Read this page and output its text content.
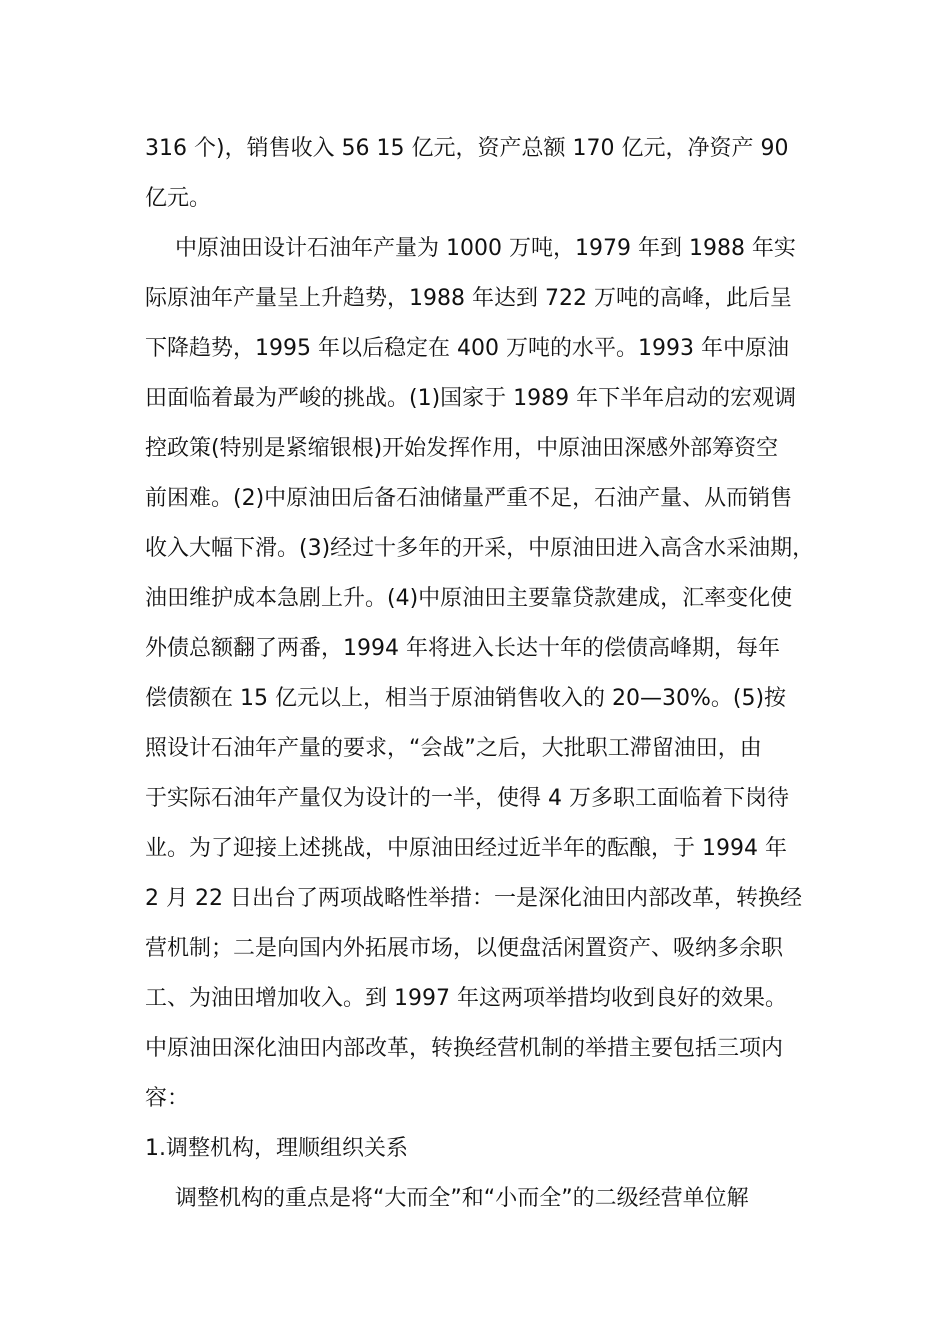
316 个)，销售收入 56 15 亿元，资产总额 170 亿元，净资产 90
亿元。
中原油田设计石油年产量为 1000 万吨，1979 年到 1988 年实
际原油年产量呈上升趋势，1988 年达到 722 万吨的高峰，此后呈
下降趋势，1995 年以后稳定在 400 万吨的水平。1993 年中原油
田面临着最为严峻的挑战。(1)国家于 1989 年下半年启动的宏观调
控政策(特别是紧缩银根)开始发挥作用，中原油田深感外部筹资空
前困难。(2)中原油田后备石油储量严重不足，石油产量、从而销售
收入大幅下滑。(3)经过十多年的开采，中原油田进入高含水采油期，
油田维护成本急剧上升。(4)中原油田主要靠贷款建成，汇率变化使
外债总额翻了两番，1994 年将进入长达十年的偿债高峰期，每年
偿债额在 15 亿元以上，相当于原油销售收入的 20—30%。(5)按
照设计石油年产量的要求，“会战”之后，大批职工滞留油田，由
于实际石油年产量仅为设计的一半，使得 4 万多职工面临着下岗待
业。为了迎接上述挑战，中原油田经过近半年的酝酿，于 1994 年
2 月 22 日出台了两项战略性举措：一是深化油田内部改革，转换经
营机制；二是向国内外拓展市场，以便盘活闲置资产、吸纳多余职
工、为油田增加收入。到 1997 年这两项举措均收到良好的效果。
中原油田深化油田内部改革，转换经营机制的举措主要包括三项内
容：
1.调整机构，理顺组织关系
调整机构的重点是将“大而全”和“小而全”的二级经营单位解
